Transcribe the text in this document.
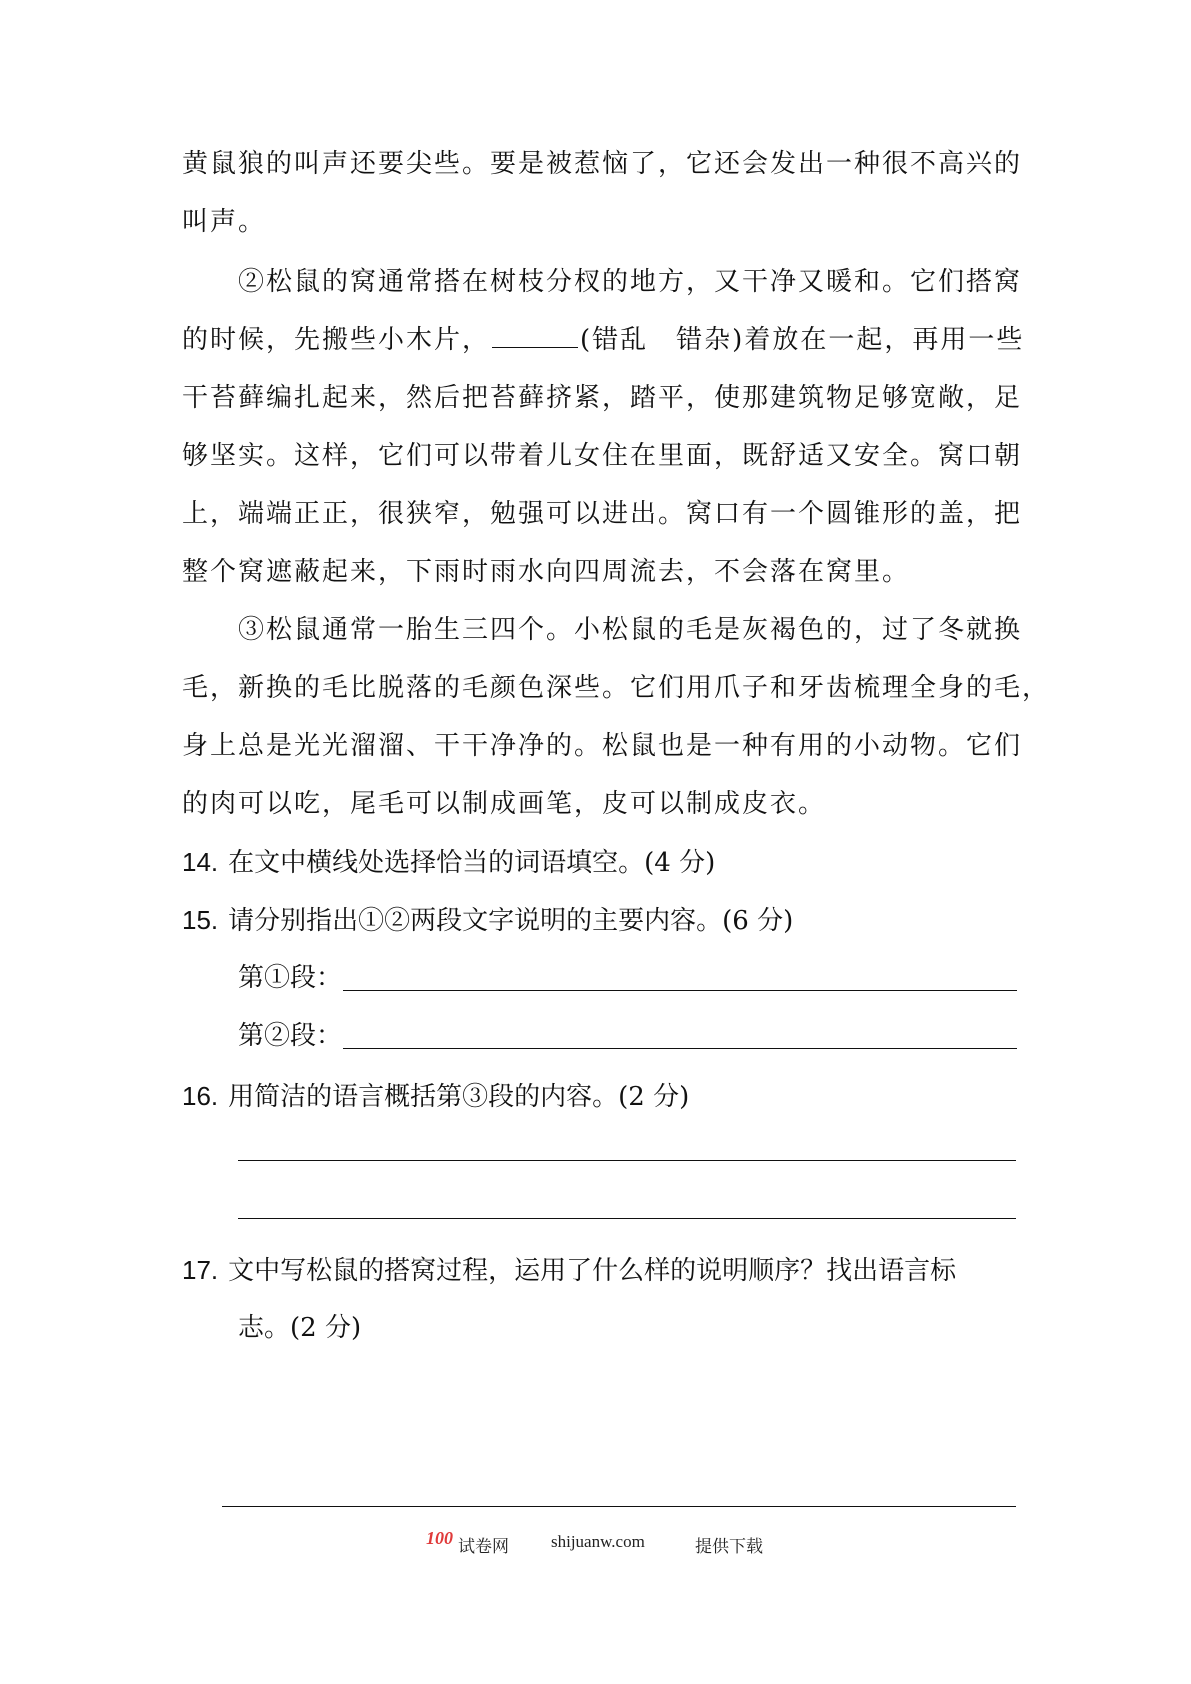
黄鼠狼的叫声还要尖些。要是被惹恼了，它还会发出一种很不高兴的
叫声。
②松鼠的窝通常搭在树枝分杈的地方，又干净又暖和。它们搭窝
的时候，先搬些小木片，	(错乱　错杂)着放在一起，再用一些
干苔藓编扎起来，然后把苔藓挤紧，踏平，使那建筑物足够宽敞，足
够坚实。这样，它们可以带着儿女住在里面，既舒适又安全。窝口朝
上，端端正正，很狭窄，勉强可以进出。窝口有一个圆锥形的盖，把
整个窝遮蔽起来，下雨时雨水向四周流去，不会落在窝里。
③松鼠通常一胎生三四个。小松鼠的毛是灰褐色的，过了冬就换
毛，新换的毛比脱落的毛颜色深些。它们用爪子和牙齿梳理全身的毛，
身上总是光光溜溜、干干净净的。松鼠也是一种有用的小动物。它们
的肉可以吃，尾毛可以制成画笔，皮可以制成皮衣。
14. 在文中横线处选择恰当的词语填空。(4 分)
15. 请分别指出①②两段文字说明的主要内容。(6 分)
第①段：
第②段：
16. 用简洁的语言概括第③段的内容。(2 分)
17. 文中写松鼠的搭窝过程，运用了什么样的说明顺序？找出语言标
志。(2 分)
100 试卷网 shijuanw.com	提供下载
